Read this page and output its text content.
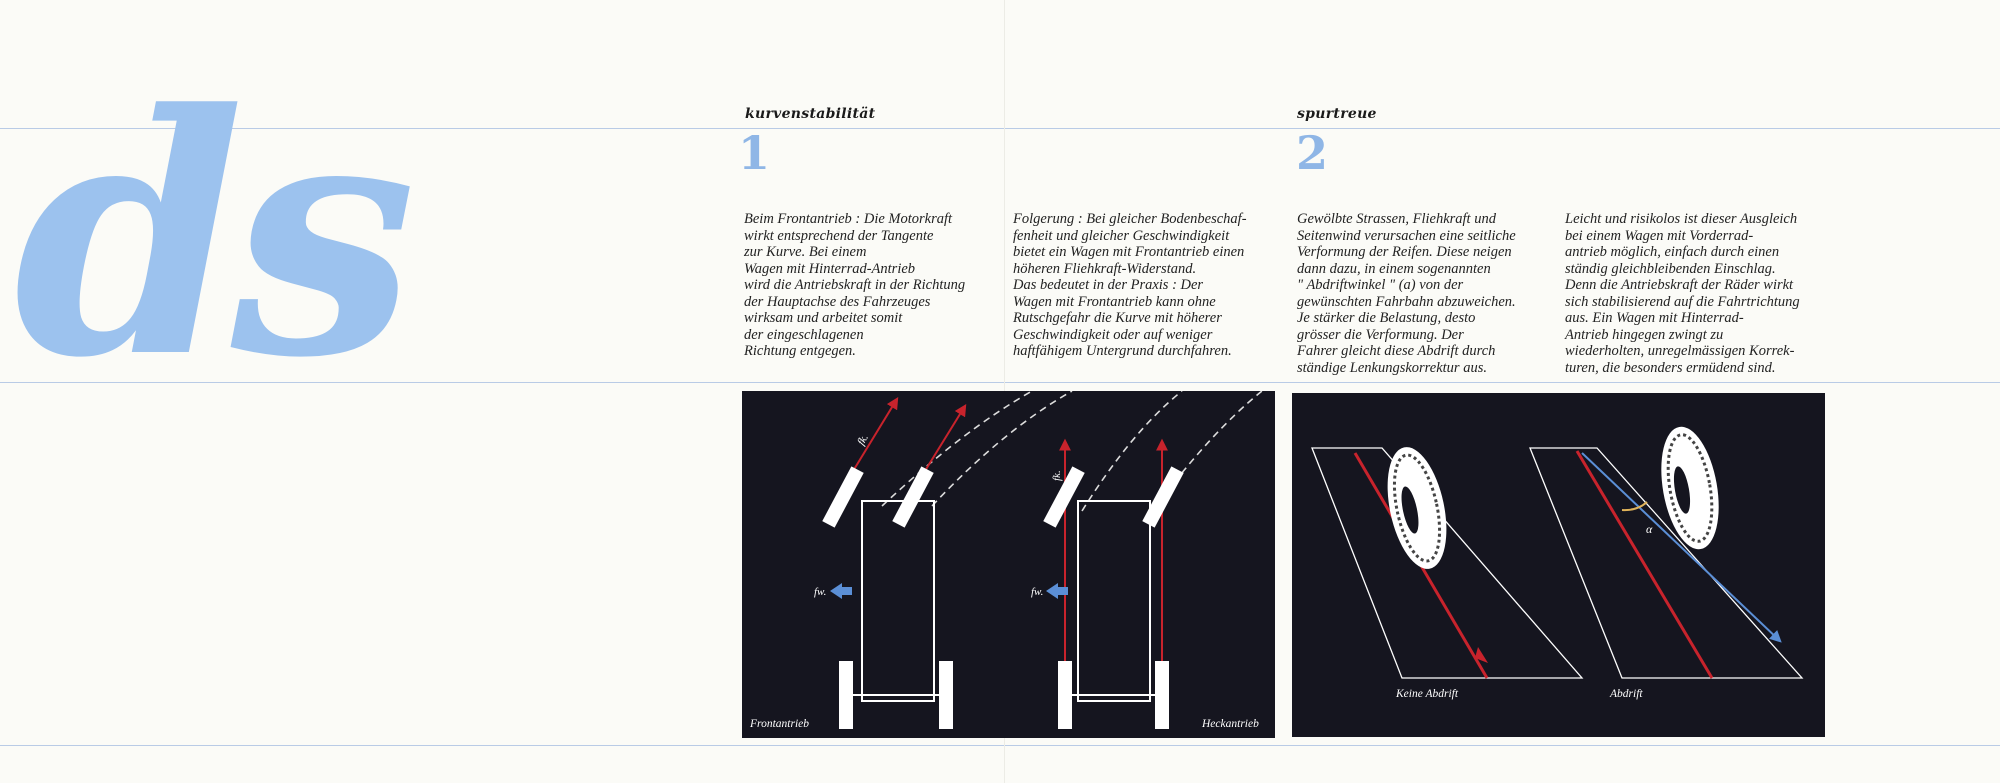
ds	kurvenstabilität
1
spurtreue
2
Beim Frontantrieb : Die Motorkraft
wirkt entsprechend der Tangente
zur Kurve. Bei einem
Wagen mit Hinterrad-Antrieb
wird die Antriebskraft in der Richtung
der Hauptachse des Fahrzeuges
wirksam und arbeitet somit
der eingeschlagenen
Richtung entgegen.
Folgerung : Bei gleicher Bodenbeschaf-
fenheit und gleicher Geschwindigkeit
bietet ein Wagen mit Frontantrieb einen
höheren Fliehkraft-Widerstand.
Das bedeutet in der Praxis : Der
Wagen mit Frontantrieb kann ohne
Rutschgefahr die Kurve mit höherer
Geschwindigkeit oder auf weniger
haftfähigem Untergrund durchfahren.
Gewölbte Strassen, Fliehkraft und
Seitenwind verursachen eine seitliche
Verformung der Reifen. Diese neigen
dann dazu, in einem sogenannten
" Abdriftwinkel " (a) von der
gewünschten Fahrbahn abzuweichen.
Je stärker die Belastung, desto
grösser die Verformung. Der
Fahrer gleicht diese Abdrift durch
ständige Lenkungskorrektur aus.
Leicht und risikolos ist dieser Ausgleich
bei einem Wagen mit Vorderrad-
antrieb möglich, einfach durch einen
ständig gleichbleibenden Einschlag.
Denn die Antriebskraft der Räder wirkt
sich stabilisierend auf die Fahrtrichtung
aus. Ein Wagen mit Hinterrad-
Antrieb hingegen zwingt zu
wiederholten, unregelmässigen Korrek-
turen, die besonders ermüdend sind.
fk.
fw.
fk.
fw.
Frontantrieb	Heckantrieb
Keine Abdrift
α
Abdrift
